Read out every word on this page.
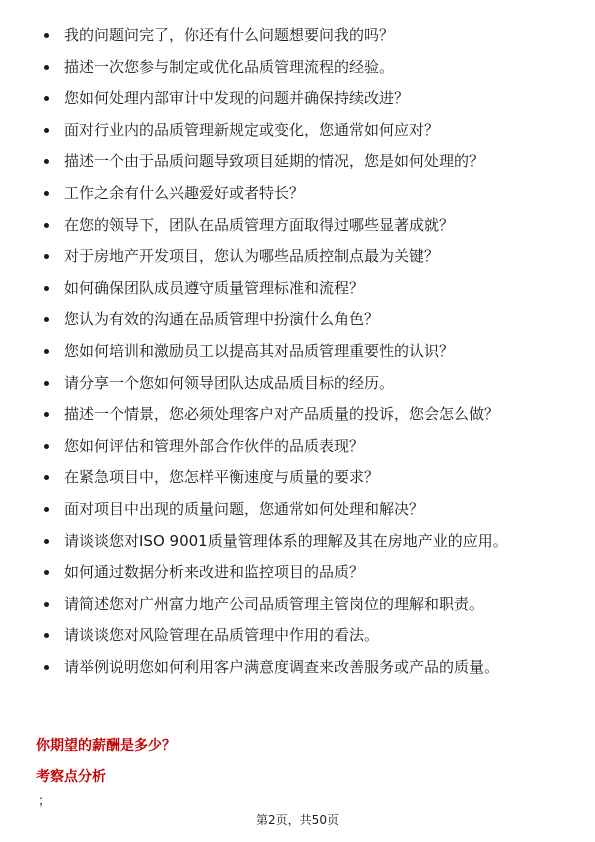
我的问题问完了，你还有什么问题想要问我的吗？
描述一次您参与制定或优化品质管理流程的经验。
您如何处理内部审计中发现的问题并确保持续改进？
面对行业内的品质管理新规定或变化，您通常如何应对？
描述一个由于品质问题导致项目延期的情况，您是如何处理的？
工作之余有什么兴趣爱好或者特长？
在您的领导下，团队在品质管理方面取得过哪些显著成就？
对于房地产开发项目，您认为哪些品质控制点最为关键？
如何确保团队成员遵守质量管理标准和流程？
您认为有效的沟通在品质管理中扮演什么角色？
您如何培训和激励员工以提高其对品质管理重要性的认识？
请分享一个您如何领导团队达成品质目标的经历。
描述一个情景，您必须处理客户对产品质量的投诉，您会怎么做？
您如何评估和管理外部合作伙伴的品质表现？
在紧急项目中，您怎样平衡速度与质量的要求？
面对项目中出现的质量问题，您通常如何处理和解决？
请谈谈您对ISO 9001质量管理体系的理解及其在房地产业的应用。
如何通过数据分析来改进和监控项目的品质？
请简述您对广州富力地产公司品质管理主管岗位的理解和职责。
请谈谈您对风险管理在品质管理中作用的看法。
请举例说明您如何利用客户满意度调查来改善服务或产品的质量。
你期望的薪酬是多少？
考察点分析
；
第2页，共50页
